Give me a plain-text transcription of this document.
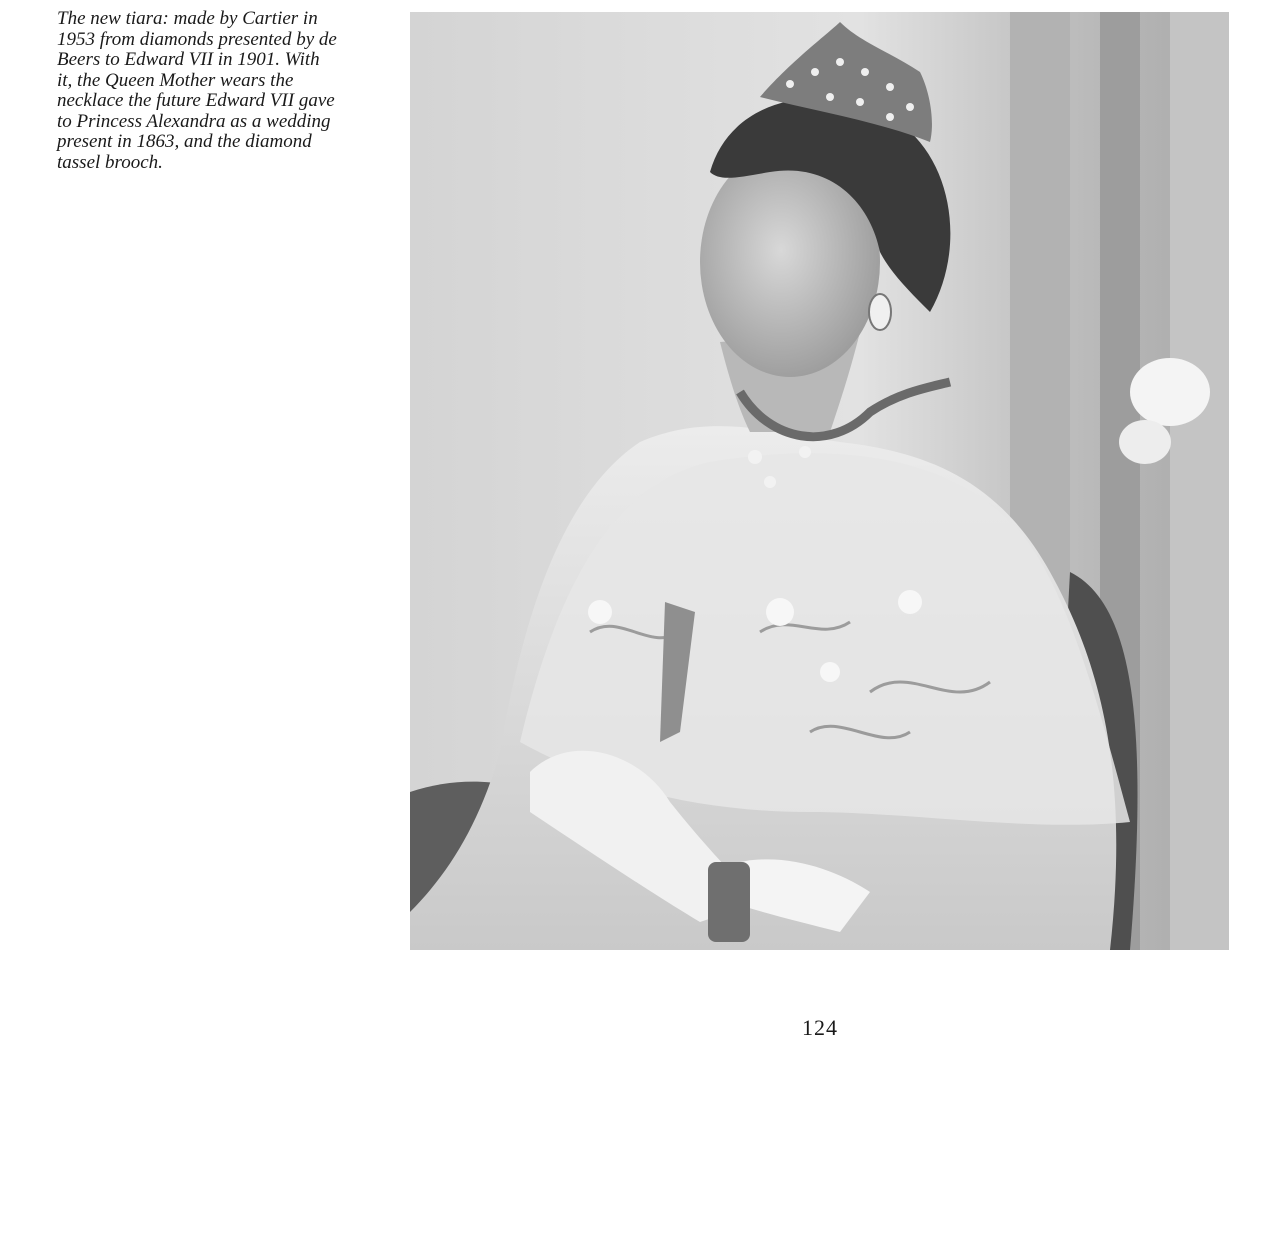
The new tiara: made by Cartier in
1953 from diamonds presented by de
Beers to Edward VII in 1901. With
it, the Queen Mother wears the
necklace the future Edward VII gave
to Princess Alexandra as a wedding
present in 1863, and the diamond
tassel brooch.
124
